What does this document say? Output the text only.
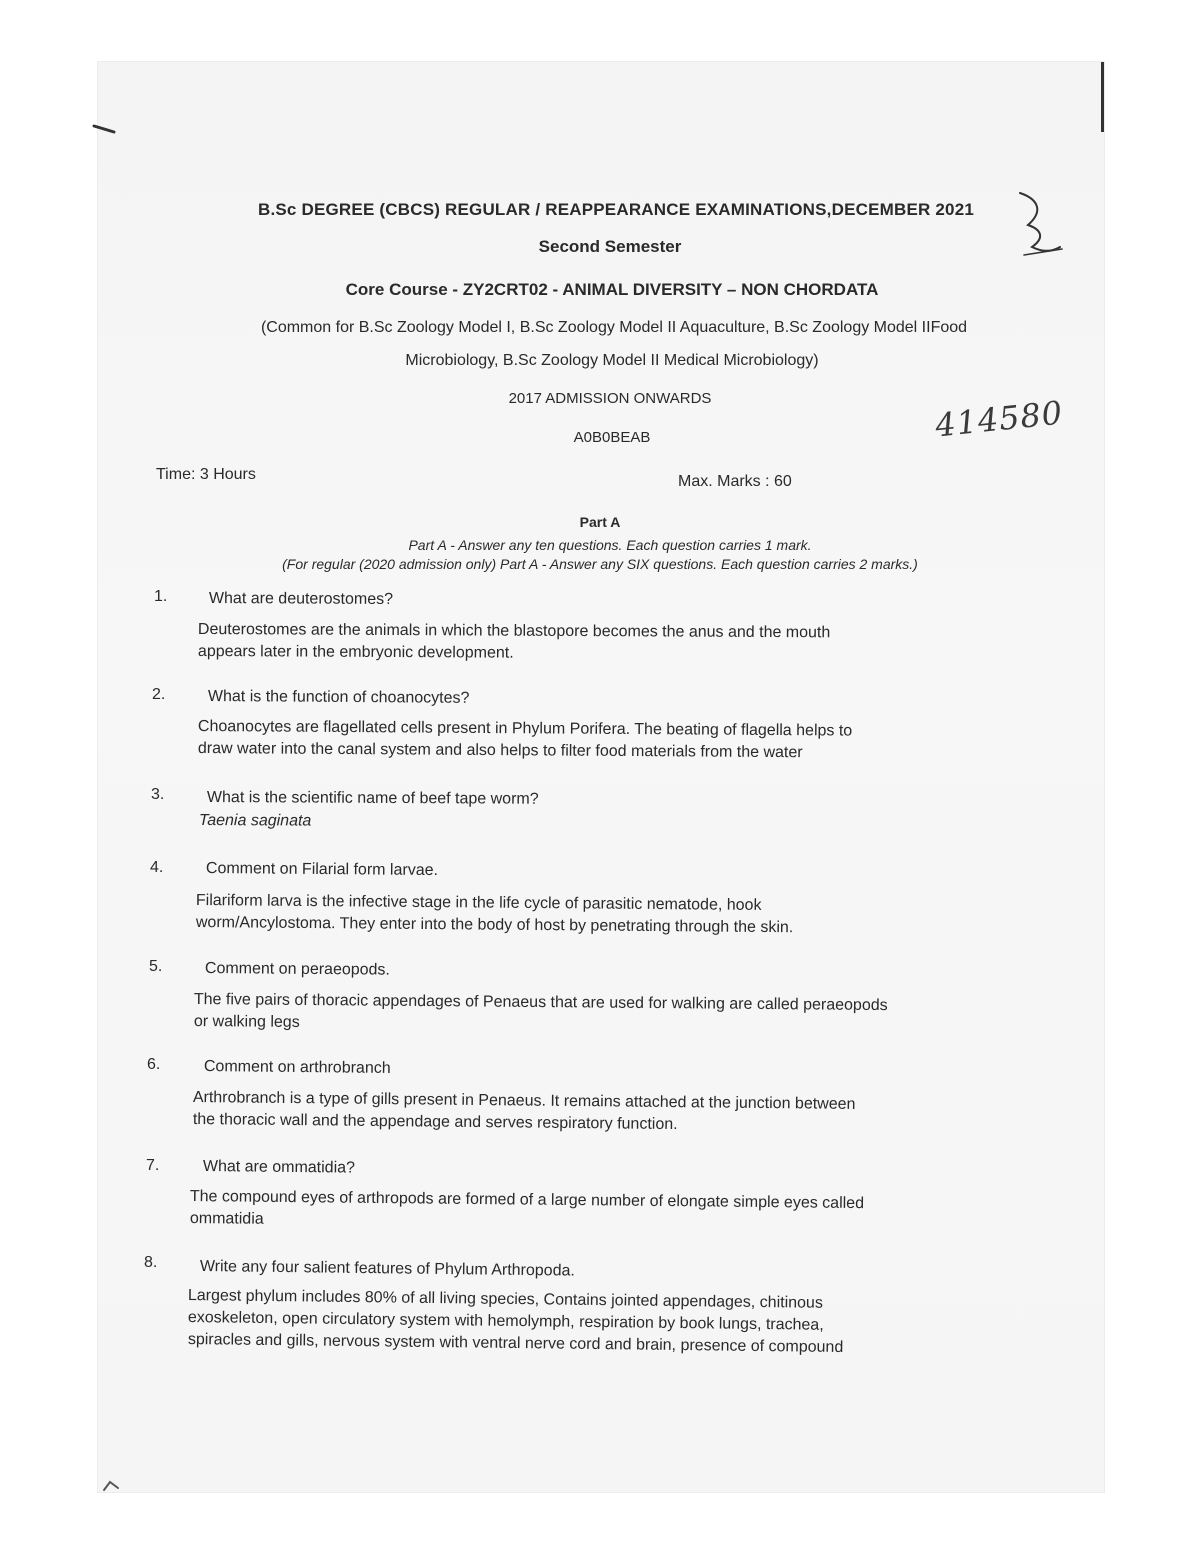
B.Sc DEGREE (CBCS) REGULAR / REAPPEARANCE EXAMINATIONS,DECEMBER 2021
Second Semester
Core Course - ZY2CRT02 - ANIMAL DIVERSITY – NON CHORDATA
(Common for B.Sc Zoology Model I, B.Sc Zoology Model II Aquaculture, B.Sc Zoology Model IIFood
Microbiology, B.Sc Zoology Model II Medical Microbiology)
2017 ADMISSION ONWARDS
A0B0BEAB	414580
Time: 3 Hours	Max. Marks : 60
Part A
Part A - Answer any ten questions. Each question carries 1 mark.
(For regular (2020 admission only) Part A - Answer any SIX questions. Each question carries 2 marks.)
1.	What are deuterostomes?
Deuterostomes are the animals in which the blastopore becomes the anus and the mouth
appears later in the embryonic development.
2.	What is the function of choanocytes?
Choanocytes are flagellated cells present in Phylum Porifera. The beating of flagella helps to
draw water into the canal system and also helps to filter food materials from the water
3.	What is the scientific name of beef tape worm?
Taenia saginata
4.	Comment on Filarial form larvae.
Filariform larva is the infective stage in the life cycle of parasitic nematode, hook
worm/Ancylostoma. They enter into the body of host by penetrating through the skin.
5.	Comment on peraeopods.
The five pairs of thoracic appendages of Penaeus that are used for walking are called peraeopods
or walking legs
6.	Comment on arthrobranch
Arthrobranch is a type of gills present in Penaeus. It remains attached at the junction between
the thoracic wall and the appendage and serves respiratory function.
7.	What are ommatidia?
The compound eyes of arthropods are formed of a large number of elongate simple eyes called
ommatidia
8.	Write any four salient features of Phylum Arthropoda.
Largest phylum includes 80% of all living species, Contains jointed appendages, chitinous
exoskeleton, open circulatory system with hemolymph, respiration by book lungs, trachea,
spiracles and gills, nervous system with ventral nerve cord and brain, presence of compound
